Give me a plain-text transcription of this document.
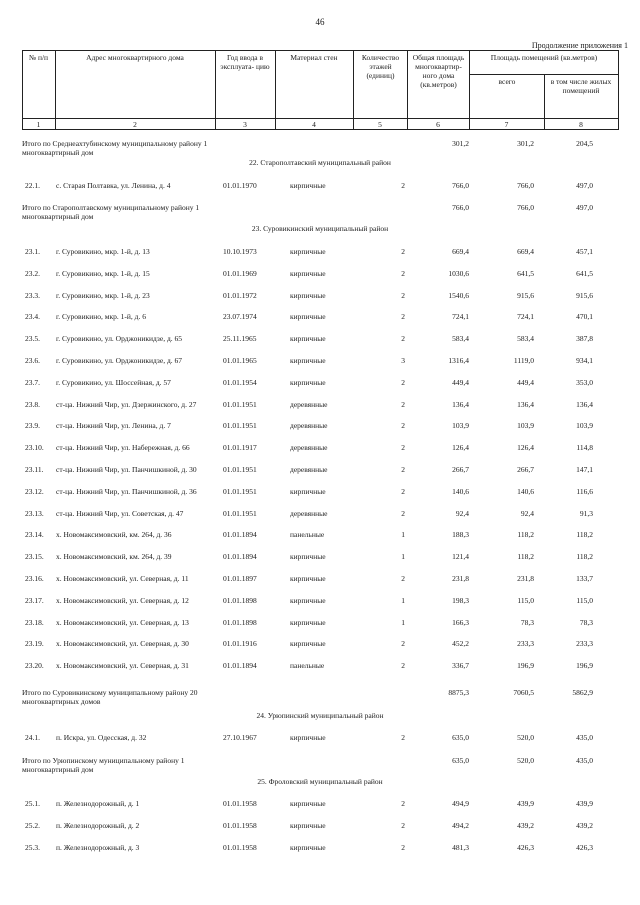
46
Продолжение приложения 1
№ п/п	Адрес многоквартирного дома	Год ввода в эксплуата- цию
Материал стен	Количество этажей (единиц)
Общая площадь многоквартир- ного дома (кв.метров)
Площадь помещений (кв.метров)
всего	в том числе жилых помещений
1	2	3	4	5	6	7	8
Итого по Среднеахтубинскому муниципальному району 1 многоквартирный дом
301,2	301,2	204,5
22. Старополтавский муниципальный район
22.1. с. Старая Полтавка, ул. Ленина, д. 4	01.01.1970	кирпичные	2	766,0	766,0	497,0
Итого по Старополтавскому муниципальному району 1 многоквартирный дом
766,0	766,0	497,0
23. Суровикинский муниципальный район
23.1. г. Суровикино, мкр. 1-й, д. 13	10.10.1973	кирпичные	2	669,4	669,4	457,1
23.2. г. Суровикино, мкр. 1-й, д. 15	01.01.1969	кирпичные	2	1030,6	641,5	641,5
23.3. г. Суровикино, мкр. 1-й, д. 23	01.01.1972	кирпичные	2	1540,6	915,6	915,6
23.4. г. Суровикино, мкр. 1-й, д. 6	23.07.1974	кирпичные	2	724,1	724,1	470,1
23.5. г. Суровикино, ул. Орджоникидзе, д. 65	25.11.1965	кирпичные	2	583,4	583,4	387,8
23.6. г. Суровикино, ул. Орджоникидзе, д. 67	01.01.1965	кирпичные	3	1316,4	1119,0	934,1
23.7. г. Суровикино, ул. Шоссейная, д. 57	01.01.1954	кирпичные	2	449,4	449,4	353,0
23.8. ст-ца. Нижний Чир, ул. Дзержинского, д. 27	01.01.1951	деревянные	2	136,4	136,4	136,4
23.9. ст-ца. Нижний Чир, ул. Ленина, д. 7	01.01.1951	деревянные	2	103,9	103,9	103,9
23.10. ст-ца. Нижний Чир, ул. Набережная, д. 66	01.01.1917	деревянные	2	126,4	126,4	114,8
23.11. ст-ца. Нижний Чир, ул. Панчишкиной, д. 30	01.01.1951	деревянные	2	266,7	266,7	147,1
23.12. ст-ца. Нижний Чир, ул. Панчишкиной, д. 36	01.01.1951	кирпичные	2	140,6	140,6	116,6
23.13. ст-ца. Нижний Чир, ул. Советская, д. 47	01.01.1951	деревянные	2	92,4	92,4	91,3
23.14. х. Новомаксимовский, км. 264, д. 36	01.01.1894	панельные	1	188,3	118,2	118,2
23.15. х. Новомаксимовский, км. 264, д. 39	01.01.1894	кирпичные	1	121,4	118,2	118,2
23.16. х. Новомаксимовский, ул. Северная, д. 11	01.01.1897	кирпичные	2	231,8	231,8	133,7
23.17. х. Новомаксимовский, ул. Северная, д. 12	01.01.1898	кирпичные	1	198,3	115,0	115,0
23.18. х. Новомаксимовский, ул. Северная, д. 13	01.01.1898	кирпичные	1	166,3	78,3	78,3
23.19. х. Новомаксимовский, ул. Северная, д. 30	01.01.1916	кирпичные	2	452,2	233,3	233,3
23.20. х. Новомаксимовский, ул. Северная, д. 31	01.01.1894	панельные	2	336,7	196,9	196,9
Итого по Суровикинскому муниципальному району 20 многоквартирных домов
8875,3	7060,5	5862,9
24. Урюпинский муниципальный район
24.1. п. Искра, ул. Одесская, д. 32	27.10.1967	кирпичные	2	635,0	520,0	435,0
Итого по Урюпинскому муниципальному району 1 многоквартирный дом
635,0	520,0	435,0
25. Фроловский муниципальный район
25.1. п. Железнодорожный, д. 1	01.01.1958	кирпичные	2	494,9	439,9	439,9
25.2. п. Железнодорожный, д. 2	01.01.1958	кирпичные	2	494,2	439,2	439,2
25.3. п. Железнодорожный, д. 3	01.01.1958	кирпичные	2	481,3	426,3	426,3
